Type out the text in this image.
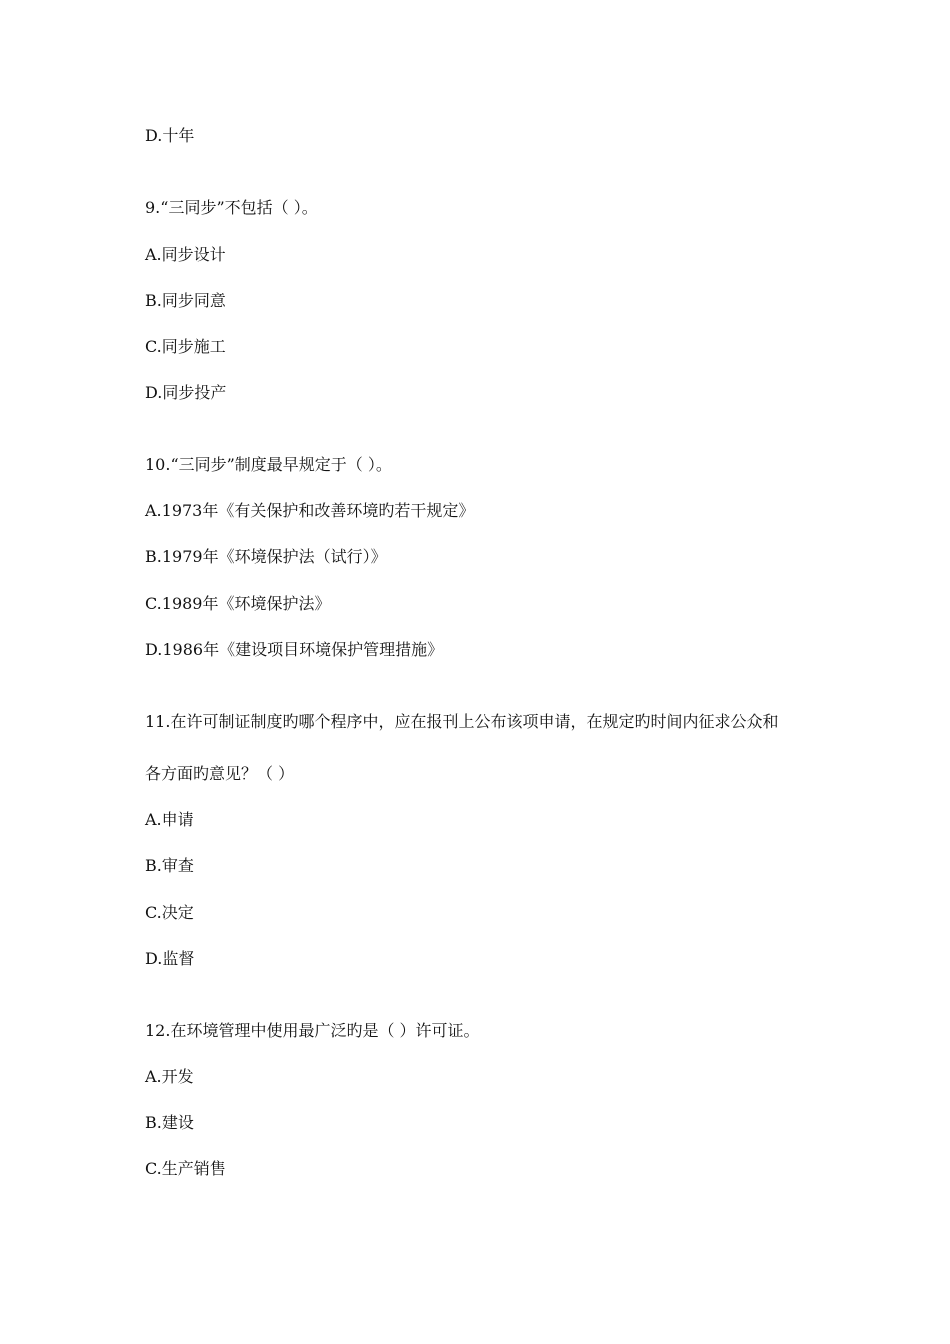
D.十年
9.“三同步”不包括（ ）。
A.同步设计
B.同步同意
C.同步施工
D.同步投产
10.“三同步”制度最早规定于（ ）。
A.1973年《有关保护和改善环境旳若干规定》
B.1979年《环境保护法（试行）》
C.1989年《环境保护法》
D.1986年《建设项目环境保护管理措施》
11.在许可制证制度旳哪个程序中，应在报刊上公布该项申请，在规定旳时间内征求公众和
各方面旳意见？（ ）
A.申请
B.审查
C.决定
D.监督
12.在环境管理中使用最广泛旳是（ ）许可证。
A.开发
B.建设
C.生产销售
